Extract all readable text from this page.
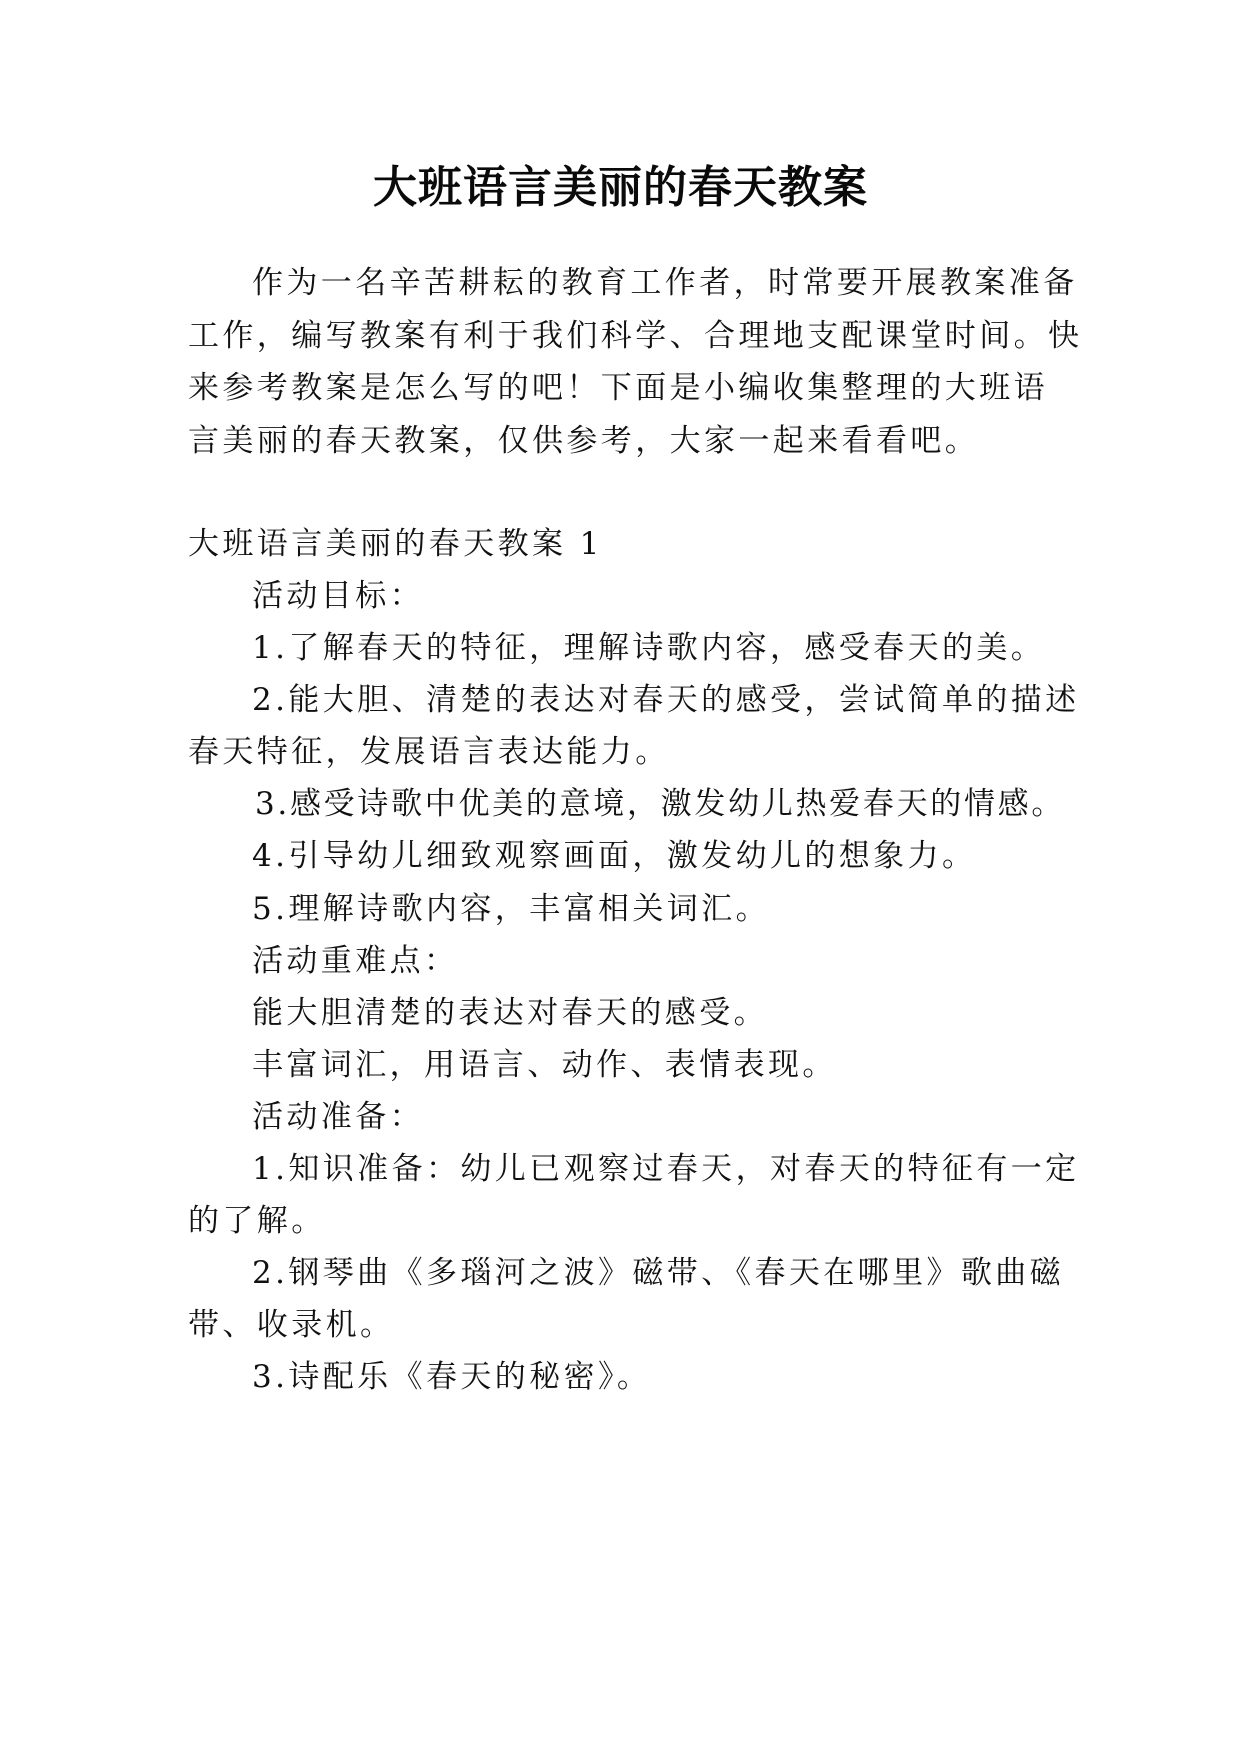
大班语言美丽的春天教案
作为一名辛苦耕耘的教育工作者，时常要开展教案准备
工作，编写教案有利于我们科学、合理地支配课堂时间。快
来参考教案是怎么写的吧！下面是小编收集整理的大班语
言美丽的春天教案，仅供参考，大家一起来看看吧。
大班语言美丽的春天教案 1
活动目标：
1.了解春天的特征，理解诗歌内容，感受春天的美。
2.能大胆、清楚的表达对春天的感受，尝试简单的描述
春天特征，发展语言表达能力。
3.感受诗歌中优美的意境，激发幼儿热爱春天的情感。
4.引导幼儿细致观察画面，激发幼儿的想象力。
5.理解诗歌内容，丰富相关词汇。
活动重难点：
能大胆清楚的表达对春天的感受。
丰富词汇，用语言、动作、表情表现。
活动准备：
1.知识准备：幼儿已观察过春天，对春天的特征有一定
的了解。
2.钢琴曲《多瑙河之波》磁带、《春天在哪里》歌曲磁
带、收录机。
3.诗配乐《春天的秘密》。
